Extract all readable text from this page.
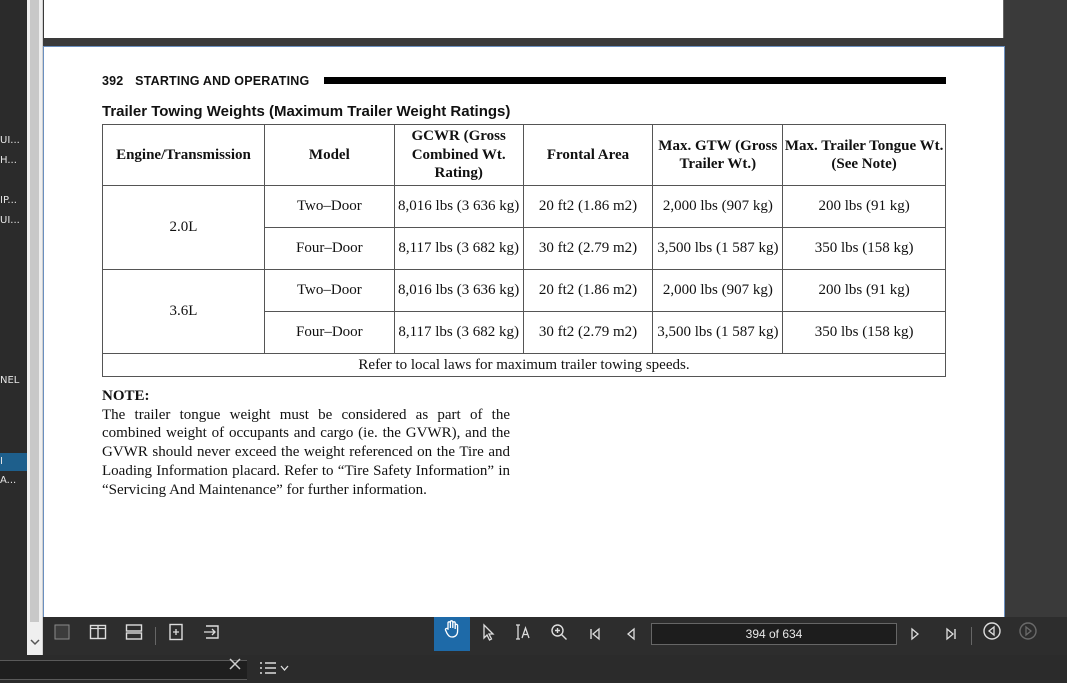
UI...
H...
IP...
UI...
NEL
I
A...
392 STARTING AND OPERATING
Trailer Towing Weights (Maximum Trailer Weight Ratings)
Engine/Transmission	Model	GCWR (Gross Combined Wt. Rating)	Frontal Area	Max. GTW (Gross Trailer Wt.)	Max. Trailer Tongue Wt. (See Note)
2.0L	Two–Door	8,016 lbs (3 636 kg)	20 ft2 (1.86 m2)	2,000 lbs (907 kg)	200 lbs (91 kg)
	Four–Door	8,117 lbs (3 682 kg)	30 ft2 (2.79 m2)	3,500 lbs (1 587 kg)	350 lbs (158 kg)
3.6L	Two–Door	8,016 lbs (3 636 kg)	20 ft2 (1.86 m2)	2,000 lbs (907 kg)	200 lbs (91 kg)
	Four–Door	8,117 lbs (3 682 kg)	30 ft2 (2.79 m2)	3,500 lbs (1 587 kg)	350 lbs (158 kg)
Refer to local laws for maximum trailer towing speeds.					
NOTE:
The trailer tongue weight must be considered as part of the combined weight of occupants and cargo (ie. the GVWR), and the GVWR should never exceed the weight referenced on the Tire and Loading Information placard. Refer to “Tire Safety Information” in “Servicing And Maintenance” for further information.
394 of 634
